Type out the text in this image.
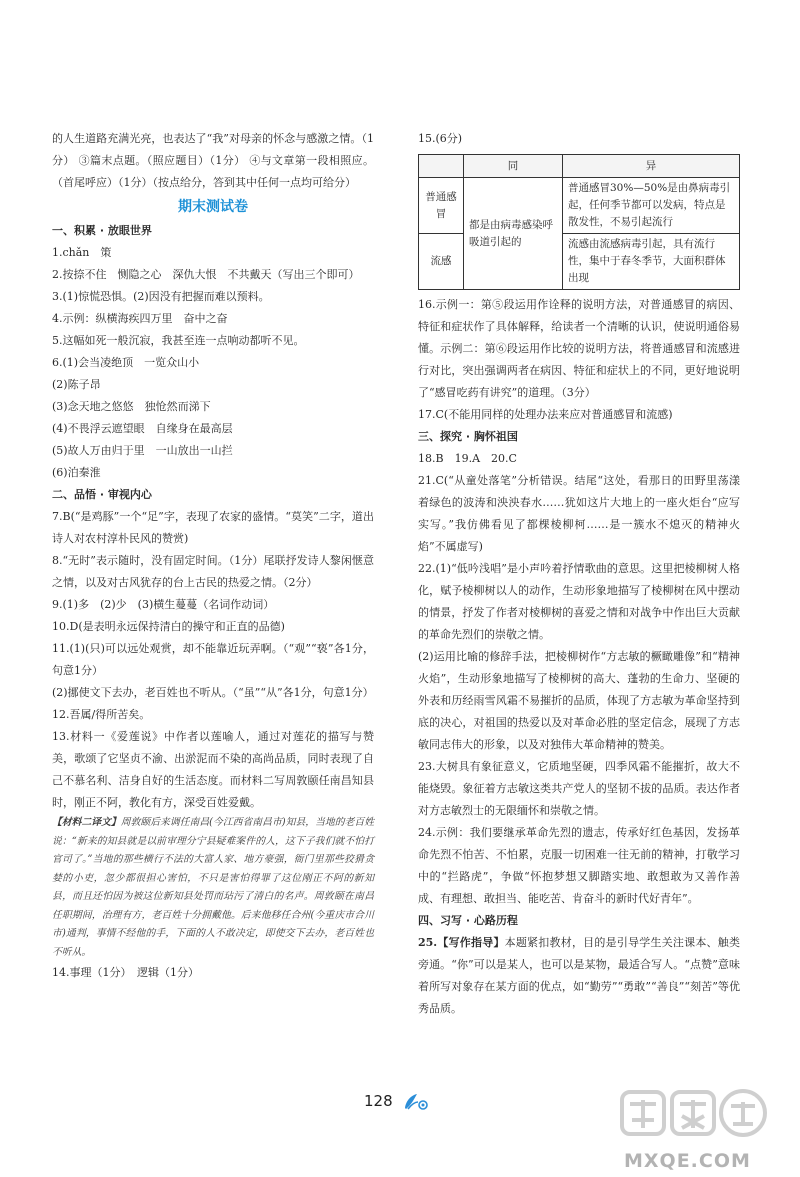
的人生道路充满光亮，也表达了“我”对母亲的怀念与感激之情。（1分） ③篇末点题。（照应题目）（1分） ④与文章第一段相照应。（首尾呼应）（1分）（按点给分，答到其中任何一点均可给分）

期末测试卷

一、积累 · 放眼世界

1.chǎn　策

2.按捺不住　恻隐之心　深仇大恨　不共戴天（写出三个即可）

3.(1)惊慌恐惧。(2)因没有把握而难以预料。

4.示例：纵横海疾四万里　奋中之奋

5.这幅如死一般沉寂，我甚至连一点响动都听不见。

6.(1)会当凌绝顶　一览众山小

(2)陈子昂

(3)念天地之悠悠　独怆然而涕下

(4)不畏浮云遮望眼　自缘身在最高层

(5)故人万由归于里　一山放出一山拦

(6)泊秦淮

二、品悟 · 审视内心

7.B(“是鸡豚”一个“足”字，表现了农家的盛情。“莫笑”二字，道出诗人对农村淳朴民风的赞赏)

8.“无时”表示随时，没有固定时间。（1分）尾联抒发诗人黎闲惬意之情，以及对古风犹存的台上古民的热爱之情。（2分）

9.(1)多　(2)少　(3)横生蔓蔓（名词作动词）

10.D(是表明永远保持清白的操守和正直的品德)

11.(1)(只)可以远处观赏，却不能靠近玩弄啊。（“观”“亵”各1分，句意1分）

(2)挪使文下去办，老百姓也不听从。（“虽”“从”各1分，句意1分）

12.吾属/得所苦矣。

13.材料一《爱莲说》中作者以莲喻人，通过对莲花的描写与赞美，歌颂了它坚贞不渝、出淤泥而不染的高尚品质，同时表现了自己不慕名利、洁身自好的生活态度。而材料二写周敦颐任南昌知县时，刚正不阿，教化有方，深受百姓爱戴。

【材料二译文】周敦颐后来调任南昌(今江西省南昌市)知县，当地的老百姓说：“新来的知县就是以前审理分宁县疑难案件的人，这下子我们就不怕打官司了。”当地的那些横行不法的大富人家、地方豪强，衙门里那些狡猾贪婪的小吏，忽少都很担心害怕，不只是害怕得罪了这位刚正不阿的新知县，而且还怕因为被这位新知县处罚而玷污了清白的名声。周敦颐在南昌任职期间，治理有方，老百姓十分拥戴他。后来他移任合州(今重庆市合川市)通判，事情不经他的手，下面的人不敢决定，即使交下去办，老百姓也不听从。

14.事理（1分）　逻辑（1分）

15.(6分)

	同	异
普通感冒	都是由病毒感染呼吸道引起的	普通感冒30%—50%是由鼻病毒引起，任何季节都可以发病，特点是散发性，不易引起流行
流感		流感由流感病毒引起，具有流行性，集中于春冬季节，大面积群体出现

16.示例一：第⑤段运用作诠释的说明方法，对普通感冒的病因、特征和症状作了具体解释，给读者一个清晰的认识，使说明通俗易懂。示例二：第⑥段运用作比较的说明方法，将普通感冒和流感进行对比，突出强调两者在病因、特征和症状上的不同，更好地说明了“感冒吃药有讲究”的道理。（3分）

17.C(不能用同样的处理办法来应对普通感冒和流感)

三、探究 · 胸怀祖国

18.B　19.A　20.C

21.C(“从童处落笔”分析错误。结尾“这处，看那日的田野里荡漾着绿色的波涛和泱泱春水……犹如这片大地上的一座火炬台“应写实写。”我仿佛看见了都棵棱柳柯……是一簇水不熄灭的精神火焰”不属虚写)

22.(1)“低吟浅唱”是小声吟着抒情歌曲的意思。这里把棱柳树人格化，赋予棱柳树以人的动作，生动形象地描写了棱柳树在风中摆动的情景，抒发了作者对棱柳树的喜爱之情和对战争中作出巨大贡献的革命先烈们的崇敬之情。

(2)运用比喻的修辞手法，把棱柳树作“方志敏的橛瞰雕像”和“精神火焰”，生动形象地描写了棱柳树的高大、蓬勃的生命力、坚硬的外表和历经雨雪风霜不易摧折的品质，体现了方志敏为革命坚持到底的决心，对祖国的热爱以及对革命必胜的坚定信念，展现了方志敏同志伟大的形象，以及对独伟大革命精神的赞美。

23.大树具有象征意义，它质地坚硬，四季风霜不能摧折，故大不能烧毁。象征着方志敏这类共产党人的坚韧不拔的品质。表达作者对方志敏烈士的无限缅怀和崇敬之情。

24.示例：我们要继承革命先烈的遗志，传承好红色基因，发扬革命先烈不怕苦、不怕累，克服一切困难一往无前的精神，打敬学习中的“拦路虎”，争做“怀抱梦想又脚踏实地、敢想敢为又善作善成、有理想、敢担当、能吃苦、肯奋斗的新时代好青年”。

四、习写 · 心路历程

25.【写作指导】本题紧扣教材，目的是引导学生关注课本、触类旁通。“你”可以是某人，也可以是某物，最适合写人。“点赞”意味着所写对象存在某方面的优点，如“勤劳”“勇敢”“善良”“刻苦”等优秀品质。

128
MXQE.COM
